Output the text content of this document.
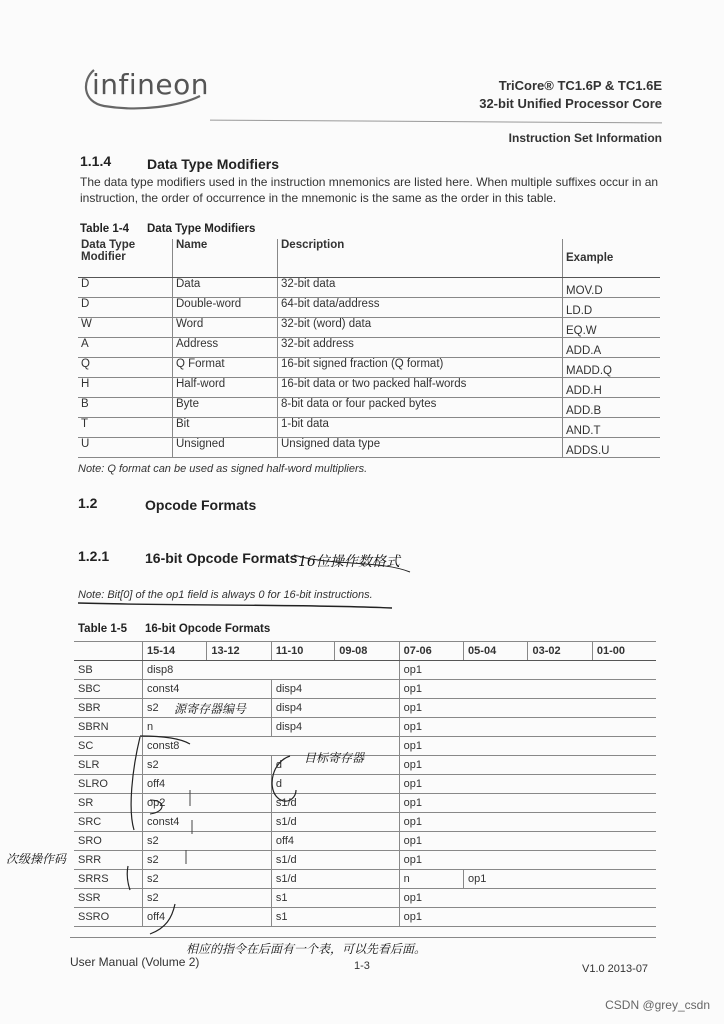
infineon	TriCore® TC1.6P & TC1.6E
32-bit Unified Processor Core
Instruction Set Information
1.1.4	Data Type Modifiers
The data type modifiers used in the instruction mnemonics are listed here. When multiple suffixes occur in an instruction, the order of occurrence in the mnemonic is the same as the order in this table.
Table 1-4 Data Type Modifiers
Data Type Modifier	Name	Description	Example
D	Data	32-bit data	MOV.D
D	Double-word	64-bit data/address	LD.D
W	Word	32-bit (word) data	EQ.W
A	Address	32-bit address	ADD.A
Q	Q Format	16-bit signed fraction (Q format)	MADD.Q
H	Half-word	16-bit data or two packed half-words	ADD.H
B	Byte	8-bit data or four packed bytes	ADD.B
T	Bit	1-bit data	AND.T
U	Unsigned	Unsigned data type	ADDS.U
Note: Q format can be used as signed half-word multipliers.
1.2	Opcode Formats
1.2.1	16-bit Opcode Formats
Note: Bit[0] of the op1 field is always 0 for 16-bit instructions.
Table 1-5 16-bit Opcode Formats
	15-14	13-12	11-10	09-08	07-06	05-04	03-02	01-00
SB	disp8				op1			
SBC	const4		disp4		op1			
SBR	s2		disp4		op1			
SBRN	n		disp4		op1			
SC	const8				op1			
SLR	s2		d		op1			
SLRO	off4		d		op1			
SR	op2		s1/d		op1			
SRC	const4		s1/d		op1			
SRO	s2		off4		op1			
SRR	s2		s1/d		op1			
SRRS	s2		s1/d		n	op1		
SSR	s2		s1		op1			
SSRO	off4		s1		op1			
User Manual (Volume 2)	1-3	V1.0 2013-07
CSDN @grey_csdn
16位操作数格式
源寄存器编号
目标寄存器
次级操作码
相应的指令在后面有一个表，可以先看后面。
